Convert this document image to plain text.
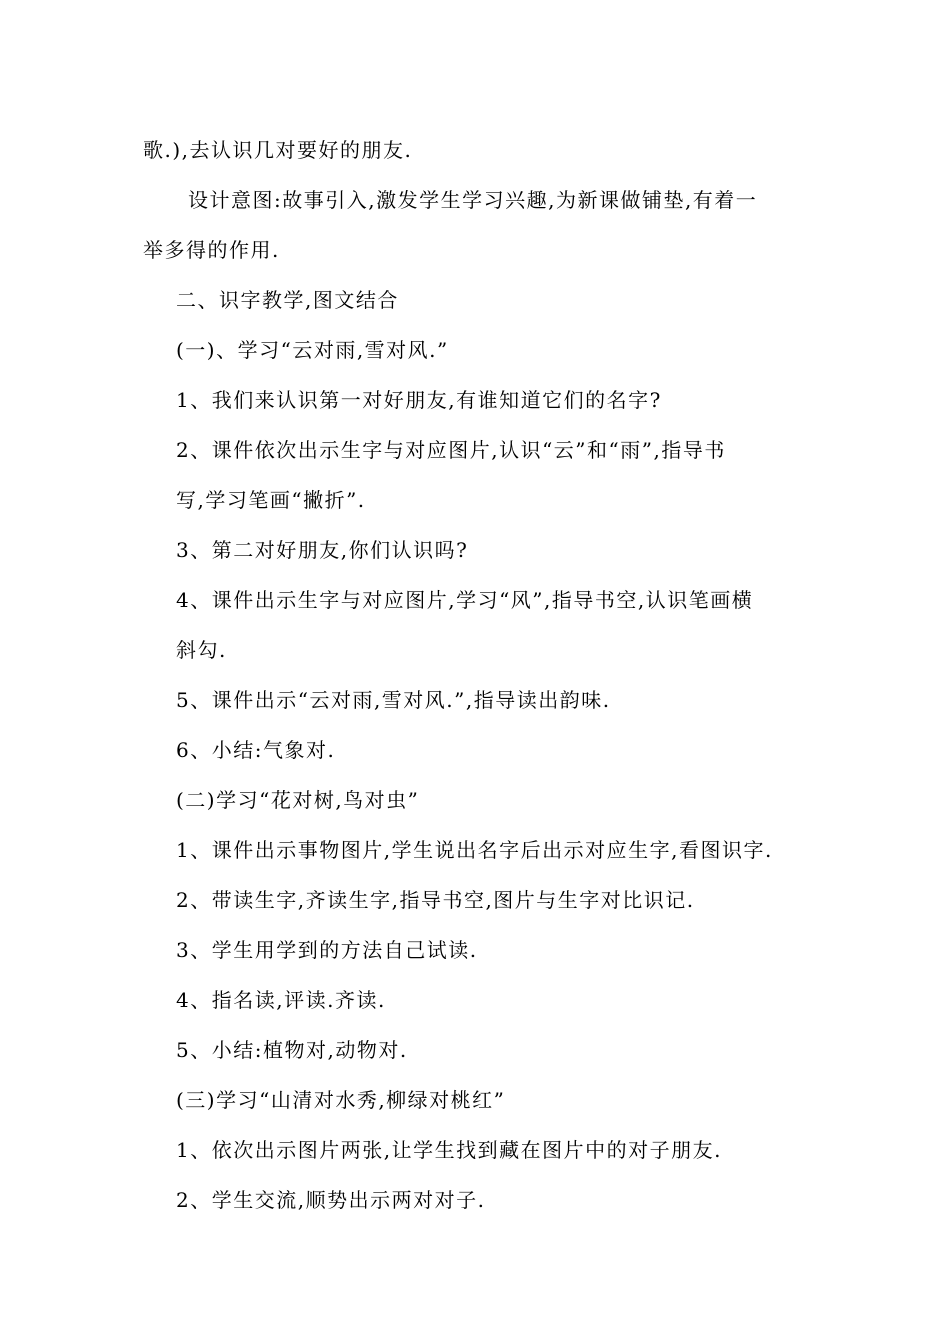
歌.),去认识几对要好的朋友.
设计意图:故事引入,激发学生学习兴趣,为新课做铺垫,有着一
举多得的作用.
二、识字教学,图文结合
(一)、学习“云对雨,雪对风.”
1、我们来认识第一对好朋友,有谁知道它们的名字?
2、课件依次出示生字与对应图片,认识“云”和“雨”,指导书
写,学习笔画“撇折”.
3、第二对好朋友,你们认识吗?
4、课件出示生字与对应图片,学习“风”,指导书空,认识笔画横
斜勾.
5、课件出示“云对雨,雪对风.”,指导读出韵味.
6、小结:气象对.
(二)学习“花对树,鸟对虫”
1、课件出示事物图片,学生说出名字后出示对应生字,看图识字.
2、带读生字,齐读生字,指导书空,图片与生字对比识记.
3、学生用学到的方法自己试读.
4、指名读,评读.齐读.
5、小结:植物对,动物对.
(三)学习“山清对水秀,柳绿对桃红”
1、依次出示图片两张,让学生找到藏在图片中的对子朋友.
2、学生交流,顺势出示两对对子.
